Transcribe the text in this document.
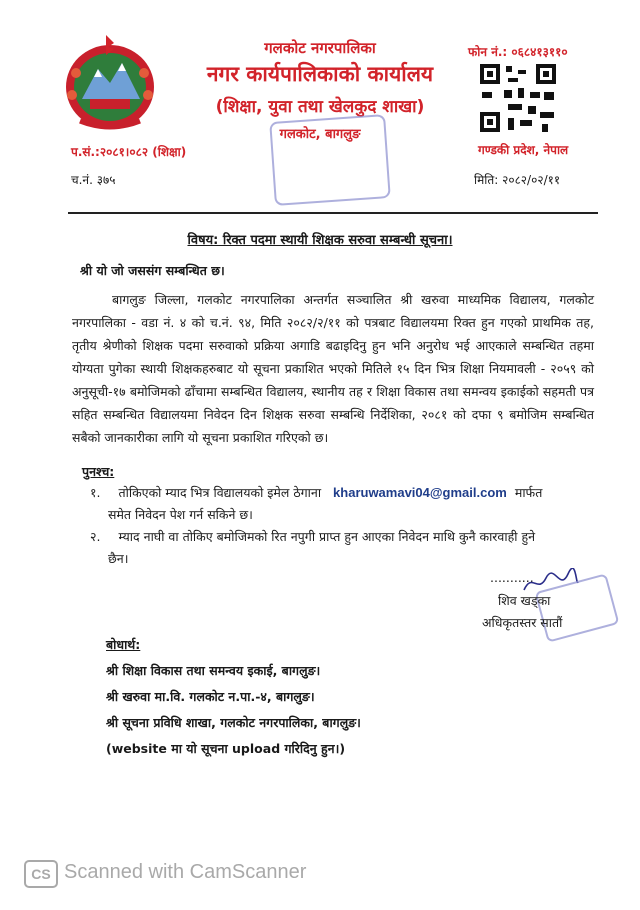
गलकोट नगरपालिका
नगर कार्यपालिकाको कार्यालय
(शिक्षा, युवा तथा खेलकुद शाखा)
गलकोट, बागलुङ
फोन नं.: ०६८४१३११०
गण्डकी प्रदेश, नेपाल
प.सं.:२०८१।०८२ (शिक्षा)
च.नं. ३७५	मिति: २०८२/०२/११
विषय: रिक्त पदमा स्थायी शिक्षक सरुवा सम्बन्धी सूचना।
श्री यो जो जससंग सम्बन्धित छ।
बागलुङ जिल्ला, गलकोट नगरपालिका अन्तर्गत सञ्चालित श्री खरुवा माध्यमिक विद्यालय, गलकोट नगरपालिका - वडा नं. ४ को च.नं. ९४, मिति २०८२/२/११ को पत्रबाट विद्यालयमा रिक्त हुन गएको प्राथमिक तह, तृतीय श्रेणीको शिक्षक पदमा सरुवाको प्रक्रिया अगाडि बढाइदिनु हुन भनि अनुरोध भई आएकाले सम्बन्धित तहमा योग्यता पुगेका स्थायी शिक्षकहरुबाट यो सूचना प्रकाशित भएको मितिले १५ दिन भित्र शिक्षा नियमावली - २०५९ को अनुसूची-१७ बमोजिमको ढाँचामा सम्बन्धित विद्यालय, स्थानीय तह र शिक्षा विकास तथा समन्वय इकाईको सहमती पत्र सहित सम्बन्धित विद्यालयमा निवेदन दिन शिक्षक सरुवा सम्बन्धि निर्देशिका, २०८१ को दफा ९ बमोजिम सम्बन्धित सबैको जानकारीका लागि यो सूचना प्रकाशित गरिएको छ।
पुनश्च:
१. तोकिएको म्याद भित्र विद्यालयको इमेल ठेगाना kharuwamavi04@gmail.com मार्फत
समेत निवेदन पेश गर्न सकिने छ।
२. म्याद नाघी वा तोकिए बमोजिमको रित नपुगी प्राप्त हुन आएका निवेदन माथि कुनै कारवाही हुने
छैन।
...........
शिव खड्का
अधिकृतस्तर सातौं
बोधार्थ:
श्री शिक्षा विकास तथा समन्वय इकाई, बागलुङ।
श्री खरुवा मा.वि. गलकोट न.पा.-४, बागलुङ।
श्री सूचना प्रविधि शाखा, गलकोट नगरपालिका, बागलुङ।
(website मा यो सूचना upload गरिदिनु हुन।)
CS Scanned with CamScanner
